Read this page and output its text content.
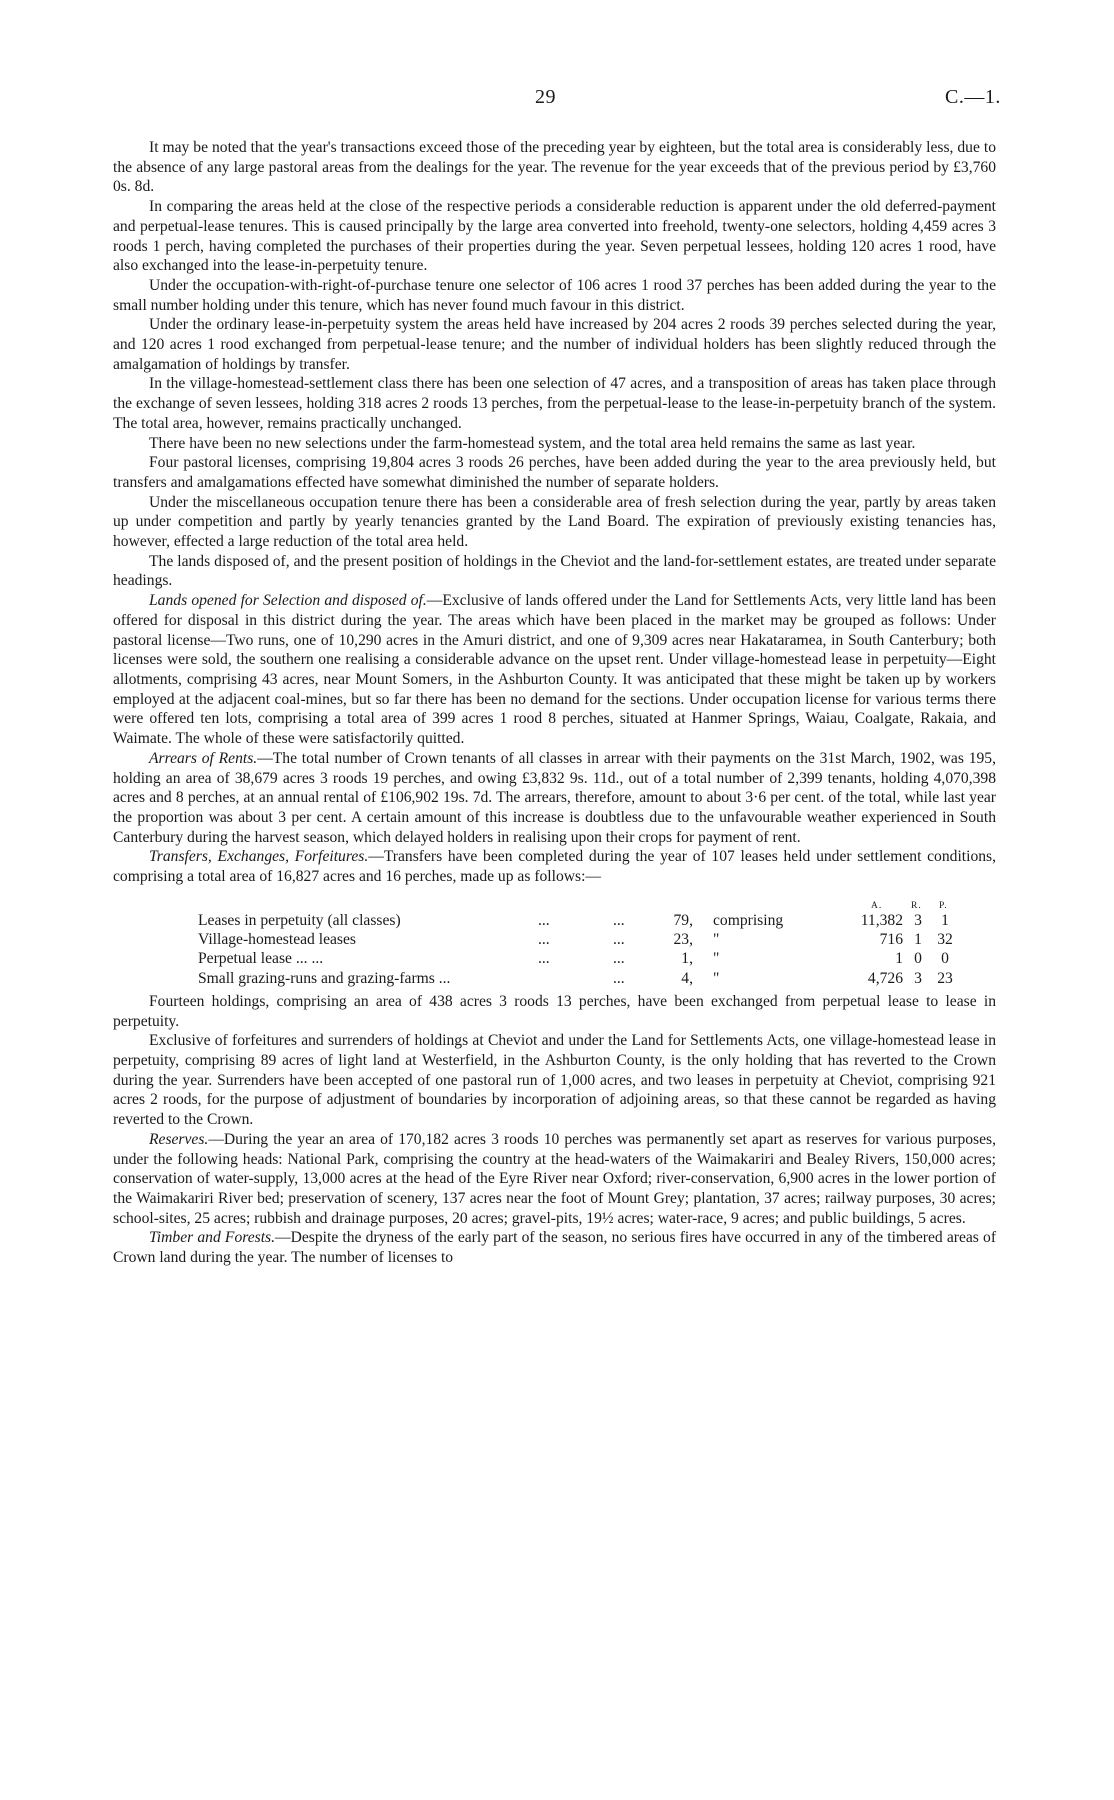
29	C.—1.

It may be noted that the year's transactions exceed those of the preceding year by eighteen, but the total area is considerably less, due to the absence of any large pastoral areas from the dealings for the year. The revenue for the year exceeds that of the previous period by £3,760 0s. 8d.

In comparing the areas held at the close of the respective periods a considerable reduction is apparent under the old deferred-payment and perpetual-lease tenures. This is caused principally by the large area converted into freehold, twenty-one selectors, holding 4,459 acres 3 roods 1 perch, having completed the purchases of their properties during the year. Seven perpetual lessees, holding 120 acres 1 rood, have also exchanged into the lease-in-perpetuity tenure.

Under the occupation-with-right-of-purchase tenure one selector of 106 acres 1 rood 37 perches has been added during the year to the small number holding under this tenure, which has never found much favour in this district.

Under the ordinary lease-in-perpetuity system the areas held have increased by 204 acres 2 roods 39 perches selected during the year, and 120 acres 1 rood exchanged from perpetual-lease tenure; and the number of individual holders has been slightly reduced through the amalgamation of holdings by transfer.

In the village-homestead-settlement class there has been one selection of 47 acres, and a transposition of areas has taken place through the exchange of seven lessees, holding 318 acres 2 roods 13 perches, from the perpetual-lease to the lease-in-perpetuity branch of the system. The total area, however, remains practically unchanged.

There have been no new selections under the farm-homestead system, and the total area held remains the same as last year.

Four pastoral licenses, comprising 19,804 acres 3 roods 26 perches, have been added during the year to the area previously held, but transfers and amalgamations effected have somewhat diminished the number of separate holders.

Under the miscellaneous occupation tenure there has been a considerable area of fresh selection during the year, partly by areas taken up under competition and partly by yearly tenancies granted by the Land Board. The expiration of previously existing tenancies has, however, effected a large reduction of the total area held.

The lands disposed of, and the present position of holdings in the Cheviot and the land-for-settlement estates, are treated under separate headings.

Lands opened for Selection and disposed of.—Exclusive of lands offered under the Land for Settlements Acts, very little land has been offered for disposal in this district during the year. The areas which have been placed in the market may be grouped as follows: Under pastoral license—Two runs, one of 10,290 acres in the Amuri district, and one of 9,309 acres near Hakataramea, in South Canterbury; both licenses were sold, the southern one realising a considerable advance on the upset rent. Under village-homestead lease in perpetuity—Eight allotments, comprising 43 acres, near Mount Somers, in the Ashburton County. It was anticipated that these might be taken up by workers employed at the adjacent coal-mines, but so far there has been no demand for the sections. Under occupation license for various terms there were offered ten lots, comprising a total area of 399 acres 1 rood 8 perches, situated at Hanmer Springs, Waiau, Coalgate, Rakaia, and Waimate. The whole of these were satisfactorily quitted.

Arrears of Rents.—The total number of Crown tenants of all classes in arrear with their payments on the 31st March, 1902, was 195, holding an area of 38,679 acres 3 roods 19 perches, and owing £3,832 9s. 11d., out of a total number of 2,399 tenants, holding 4,070,398 acres and 8 perches, at an annual rental of £106,902 19s. 7d. The arrears, therefore, amount to about 3·6 per cent. of the total, while last year the proportion was about 3 per cent. A certain amount of this increase is doubtless due to the unfavourable weather experienced in South Canterbury during the harvest season, which delayed holders in realising upon their crops for payment of rent.

Transfers, Exchanges, Forfeitures.—Transfers have been completed during the year of 107 leases held under settlement conditions, comprising a total area of 16,827 acres and 16 perches, made up as follows:—

A.	R. P.
Leases in perpetuity (all classes)	...	...	79, comprising	11,382 3	1
Village-homestead leases	...	...	23, "	716 1 32
Perpetual lease ... ...	...	...	1, "	1 0	0
Small grazing-runs and grazing-farms ...	...	4, "	4,726 3 23

Fourteen holdings, comprising an area of 438 acres 3 roods 13 perches, have been exchanged from perpetual lease to lease in perpetuity.

Exclusive of forfeitures and surrenders of holdings at Cheviot and under the Land for Settlements Acts, one village-homestead lease in perpetuity, comprising 89 acres of light land at Westerfield, in the Ashburton County, is the only holding that has reverted to the Crown during the year. Surrenders have been accepted of one pastoral run of 1,000 acres, and two leases in perpetuity at Cheviot, comprising 921 acres 2 roods, for the purpose of adjustment of boundaries by incorporation of adjoining areas, so that these cannot be regarded as having reverted to the Crown.

Reserves.—During the year an area of 170,182 acres 3 roods 10 perches was permanently set apart as reserves for various purposes, under the following heads: National Park, comprising the country at the head-waters of the Waimakariri and Bealey Rivers, 150,000 acres; conservation of water-supply, 13,000 acres at the head of the Eyre River near Oxford; river-conservation, 6,900 acres in the lower portion of the Waimakariri River bed; preservation of scenery, 137 acres near the foot of Mount Grey; plantation, 37 acres; railway purposes, 30 acres; school-sites, 25 acres; rubbish and drainage purposes, 20 acres; gravel-pits, 19½ acres; water-race, 9 acres; and public buildings, 5 acres.

Timber and Forests.—Despite the dryness of the early part of the season, no serious fires have occurred in any of the timbered areas of Crown land during the year. The number of licenses to
